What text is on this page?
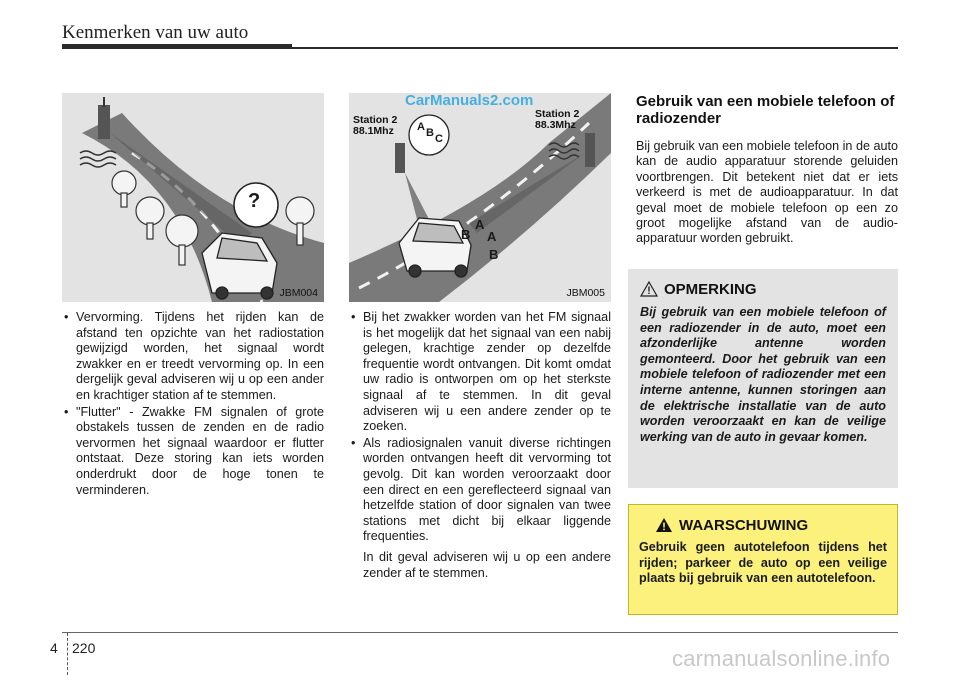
Kenmerken van uw auto
?
JBM004
Station 2
88.1Mhz
Station 2
88.3Mhz
A B C
A
B A
B
JBM005
CarManuals2.com
• Vervorming. Tijdens het rijden kan de afstand ten opzichte van het radiostation gewijzigd worden, het signaal wordt zwakker en er treedt vervorming op. In een dergelijk geval adviseren wij u op een ander en krachtiger station af te stemmen.
• "Flutter" - Zwakke FM signalen of grote obstakels tussen de zenden en de radio vervormen het signaal waardoor er flutter ontstaat. Deze storing kan iets worden onderdrukt door de hoge tonen te verminderen.
• Bij het zwakker worden van het FM signaal is het mogelijk dat het signaal van een nabij gelegen, krachtige zender op dezelfde frequentie wordt ontvangen. Dit komt omdat uw radio is ontworpen om op het sterkste signaal af te stemmen. In dit geval adviseren wij u een andere zender op te zoeken.
• Als radiosignalen vanuit diverse richtingen worden ontvangen heeft dit vervorming tot gevolg. Dit kan worden veroorzaakt door een direct en een gereflecteerd signaal van hetzelfde station of door signalen van twee stations met dicht bij elkaar liggende frequenties.
In dit geval adviseren wij u op een andere zender af te stemmen.
Gebruik van een mobiele telefoon of radiozender
Bij gebruik van een mobiele telefoon in de auto kan de audio apparatuur storende geluiden voortbrengen. Dit betekent niet dat er iets verkeerd is met de audioapparatuur. In dat geval moet de mobiele telefoon op een zo groot mogelijke afstand van de audio-apparatuur worden gebruikt.
OPMERKING
Bij gebruik van een mobiele telefoon of een radiozender in de auto, moet een afzonderlijke antenne worden gemonteerd. Door het gebruik van een mobiele telefoon of radiozender met een interne antenne, kunnen storingen aan de elektrische installatie van de auto worden veroorzaakt en kan de veilige werking van de auto in gevaar komen.
WAARSCHUWING
Gebruik geen autotelefoon tijdens het rijden; parkeer de auto op een veilige plaats bij gebruik van een autotelefoon.
4 220	carmanualsonline.info
